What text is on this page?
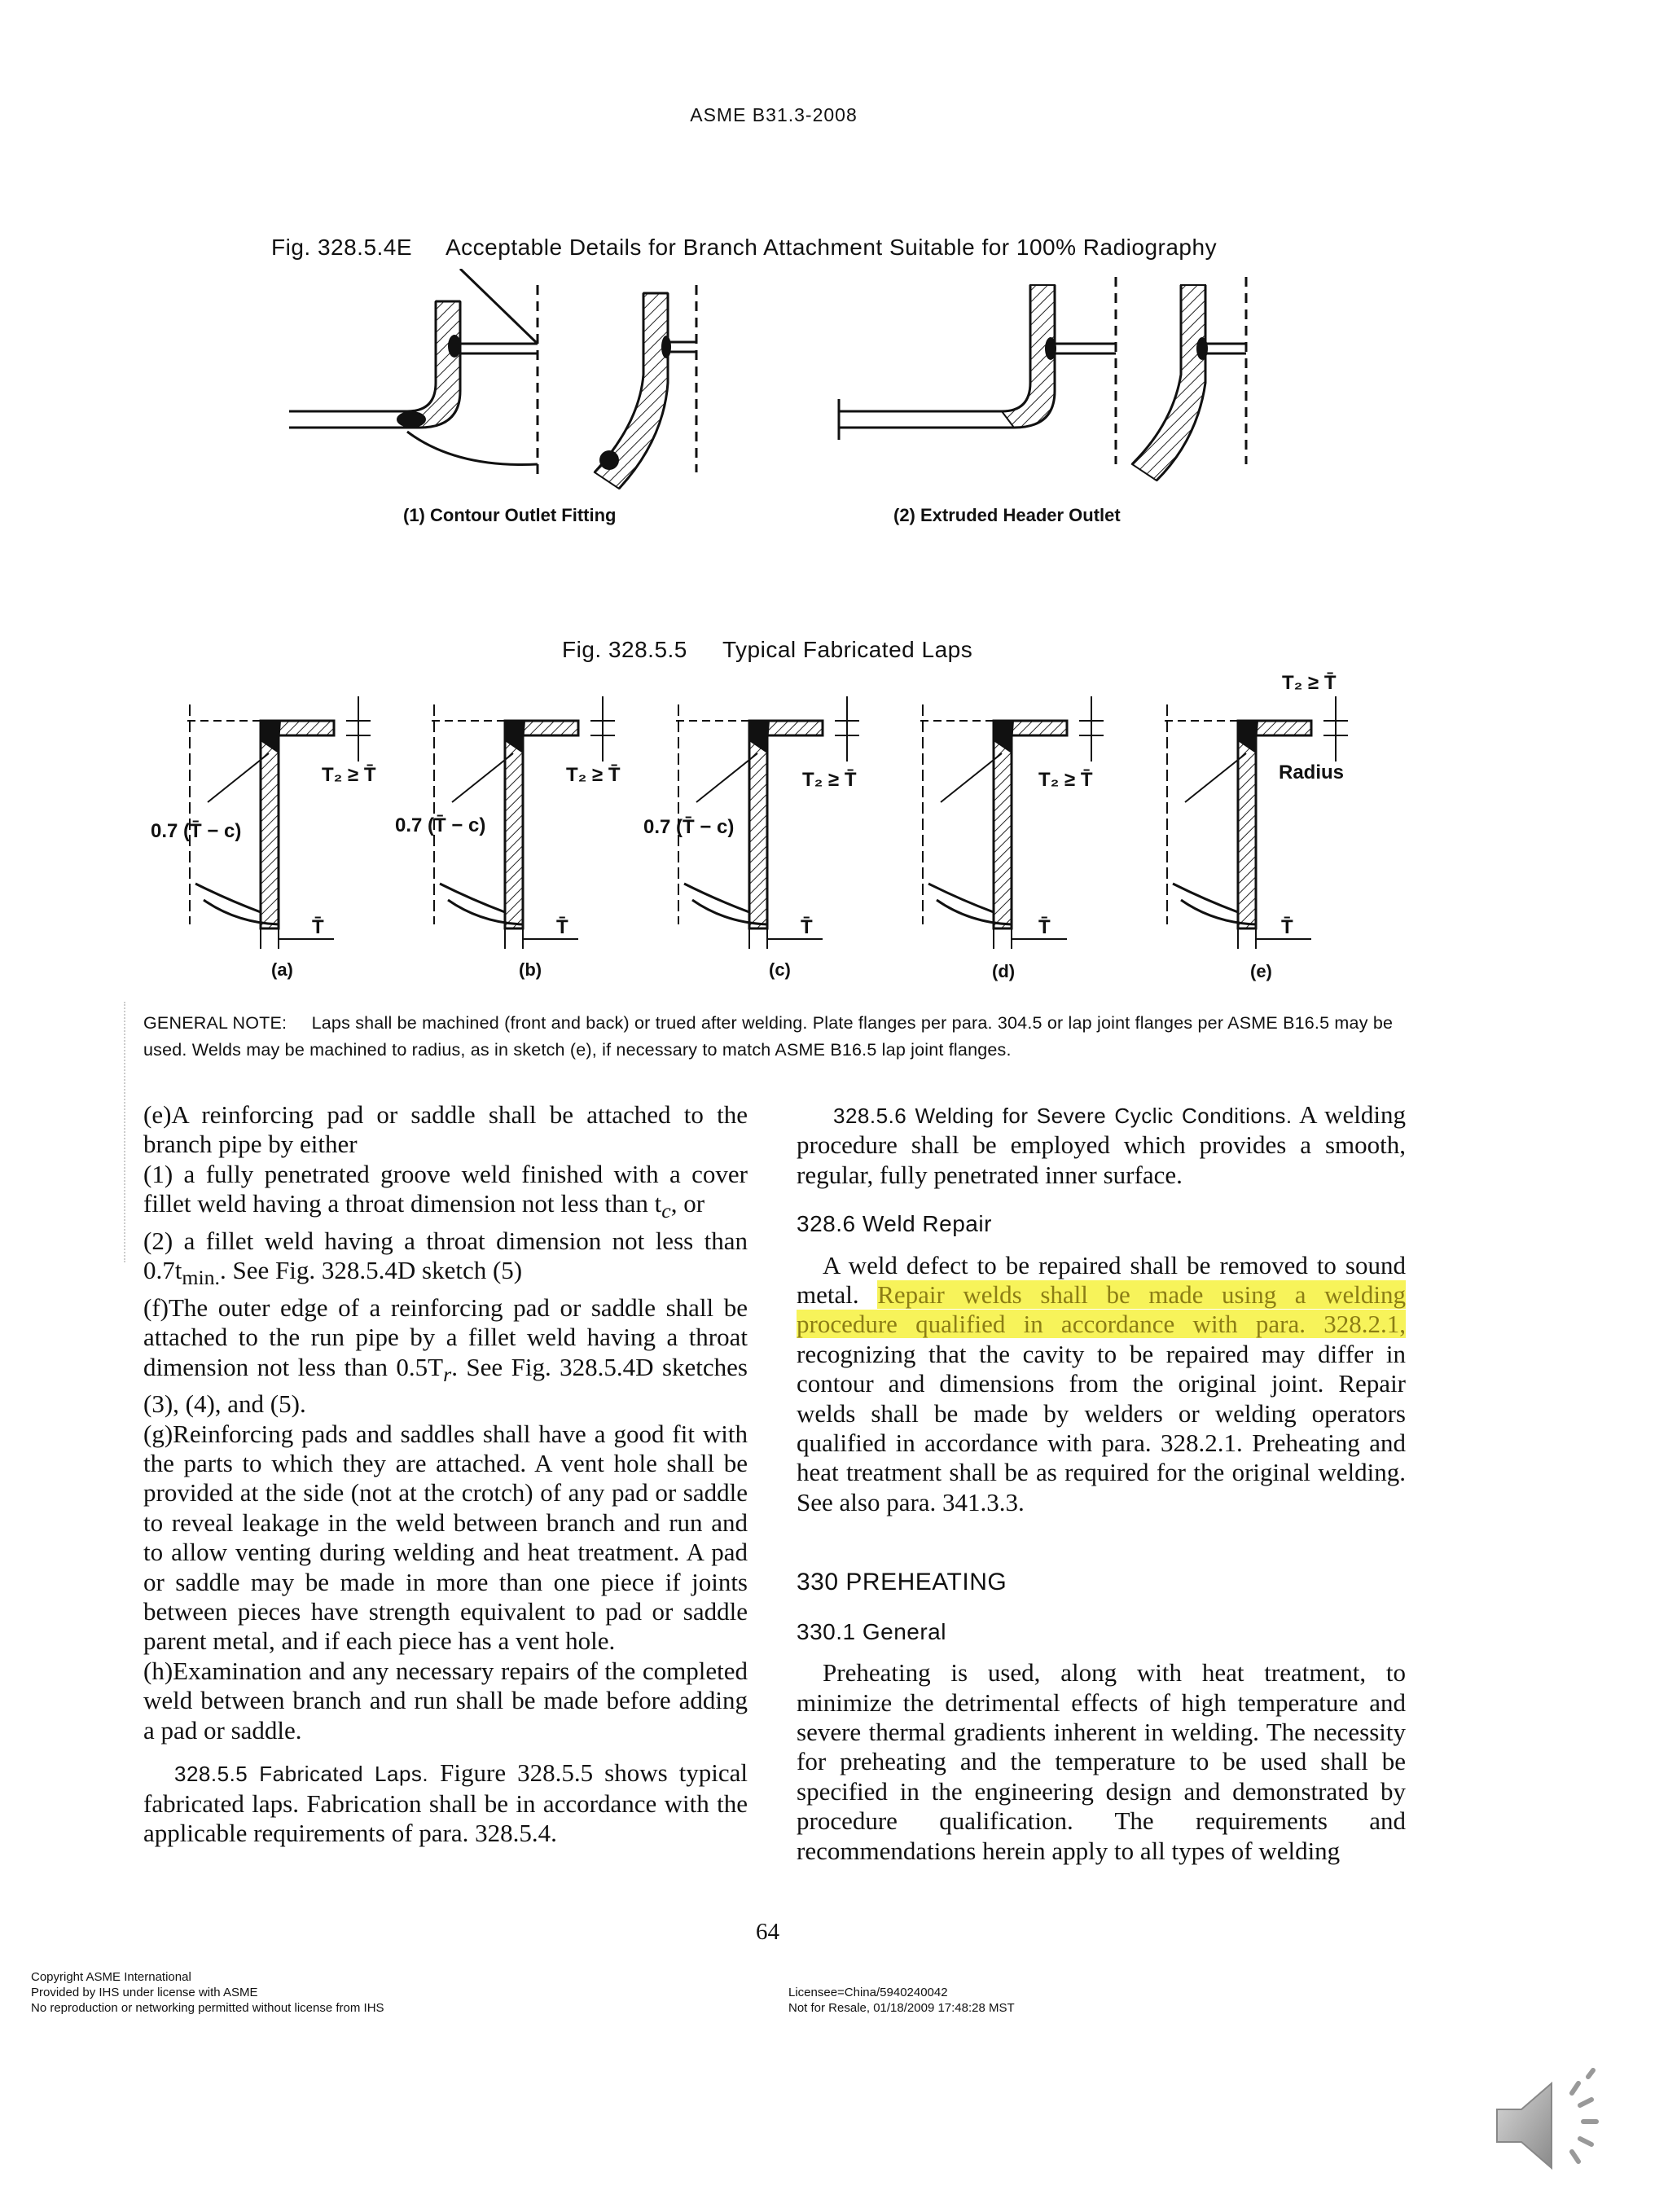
ASME B31.3-2008
Fig. 328.5.4E Acceptable Details for Branch Attachment Suitable for 100% Radiography
(1) Contour Outlet Fitting	(2) Extruded Header Outlet
Fig. 328.5.5 Typical Fabricated Laps
0.7 (T̄ − c)	0.7 (T̄ − c)	0.7 (T̄ − c)
T₂ ≥ T̄	T₂ ≥ T̄	T₂ ≥ T̄	T₂ ≥ T̄
T₂ ≥ T̄
Radius
T̄	T̄	T̄	T̄	T̄
(a)	(b)	(c)	(d)	(e)
GENERAL NOTE: Laps shall be machined (front and back) or trued after welding. Plate flanges per para. 304.5 or lap joint flanges per ASME B16.5 may be used. Welds may be machined to radius, as in sketch (e), if necessary to match ASME B16.5 lap joint flanges.

(e)A reinforcing pad or saddle shall be attached to the branch pipe by either

(1) a fully penetrated groove weld finished with a cover fillet weld having a throat dimension not less than $t_c$, or

(2) a fillet weld having a throat dimension not less than $0.7t_{min.}$. See Fig. 328.5.4D sketch (5)

(f)The outer edge of a reinforcing pad or saddle shall be attached to the run pipe by a fillet weld having a throat dimension not less than $0.5T_r$. See Fig. 328.5.4D sketches (3), (4), and (5).

(g)Reinforcing pads and saddles shall have a good fit with the parts to which they are attached. A vent hole shall be provided at the side (not at the crotch) of any pad or saddle to reveal leakage in the weld between branch and run and to allow venting during welding and heat treatment. A pad or saddle may be made in more than one piece if joints between pieces have strength equivalent to pad or saddle parent metal, and if each piece has a vent hole.

(h)Examination and any necessary repairs of the completed weld between branch and run shall be made before adding a pad or saddle.

328.5.5 Fabricated Laps. Figure 328.5.5 shows typical fabricated laps. Fabrication shall be in accordance with the applicable requirements of para. 328.5.4.

328.5.6 Welding for Severe Cyclic Conditions. A welding procedure shall be employed which provides a smooth, regular, fully penetrated inner surface.

328.6 Weld Repair

A weld defect to be repaired shall be removed to sound metal. Repair welds shall be made using a welding procedure qualified in accordance with para. 328.2.1, recognizing that the cavity to be repaired may differ in contour and dimensions from the original joint. Repair welds shall be made by welders or welding operators qualified in accordance with para. 328.2.1. Preheating and heat treatment shall be as required for the original welding. See also para. 341.3.3.

330 PREHEATING
330.1 General

Preheating is used, along with heat treatment, to minimize the detrimental effects of high temperature and severe thermal gradients inherent in welding. The necessity for preheating and the temperature to be used shall be specified in the engineering design and demonstrated by procedure qualification. The requirements and recommendations herein apply to all types of welding

64
Copyright ASME International
Provided by IHS under license with ASME
No reproduction or networking permitted without license from IHS
Licensee=China/5940240042
Not for Resale, 01/18/2009 17:48:28 MST
